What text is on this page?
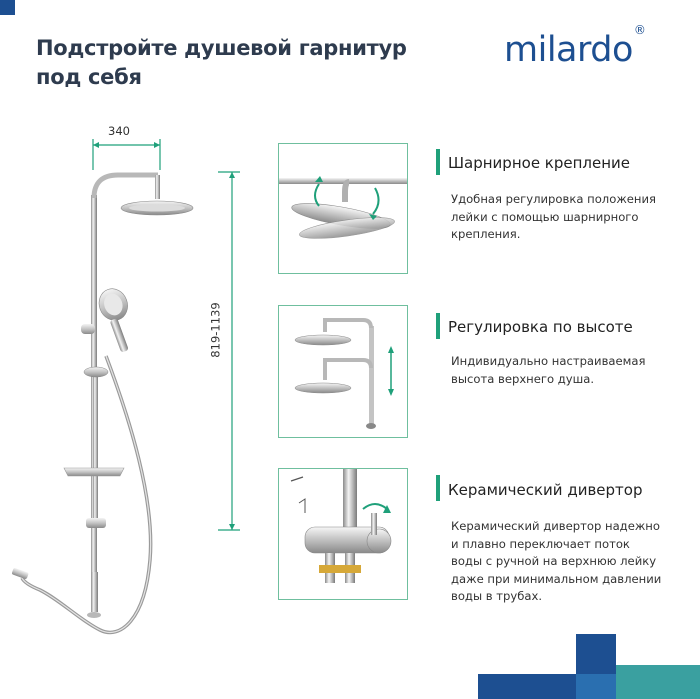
Подстройте душевой гарнитур
под себя
milardo®
340
819-1139
Шарнирное крепление
Удобная регулировка положения
лейки с помощью шарнирного
крепления.
Регулировка по высоте
Индивидуально настраиваемая
высота верхнего душа.
Керамический дивертор
Керамический дивертор надежно
и плавно переключает поток
воды с ручной на верхнюю лейку
даже при минимальном давлении
воды в трубах.
